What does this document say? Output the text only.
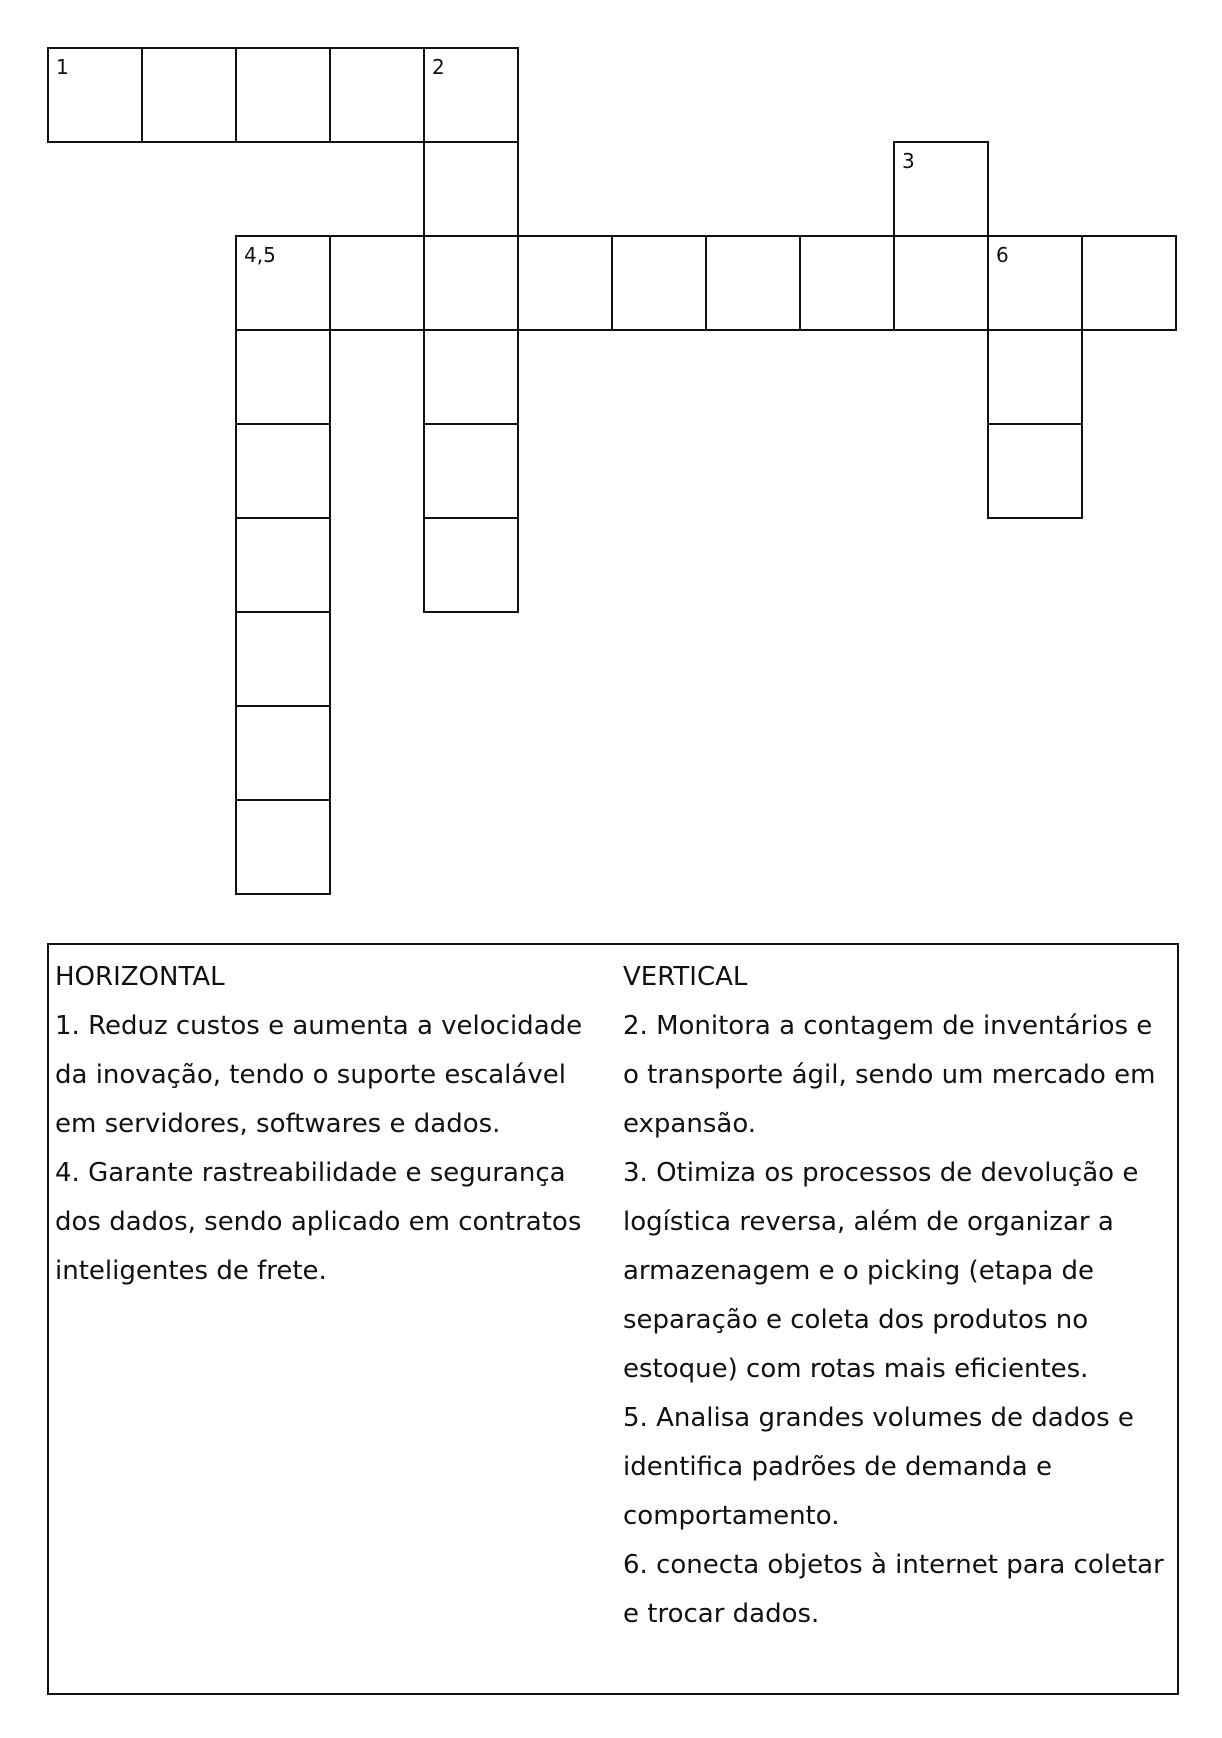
1	2
3
4,5	6
HORIZONTAL
1. Reduz custos e aumenta a velocidade da inovação, tendo o suporte escalável em servidores, softwares e dados.
4. Garante rastreabilidade e segurança dos dados, sendo aplicado em contratos inteligentes de frete.
VERTICAL
2. Monitora a contagem de inventários e o transporte ágil, sendo um mercado em expansão.
3. Otimiza os processos de devolução e logística reversa, além de organizar a armazenagem e o picking (etapa de separação e coleta dos produtos no estoque) com rotas mais eficientes.
5. Analisa grandes volumes de dados e identifica padrões de demanda e comportamento.
6. conecta objetos à internet para coletar e trocar dados.
